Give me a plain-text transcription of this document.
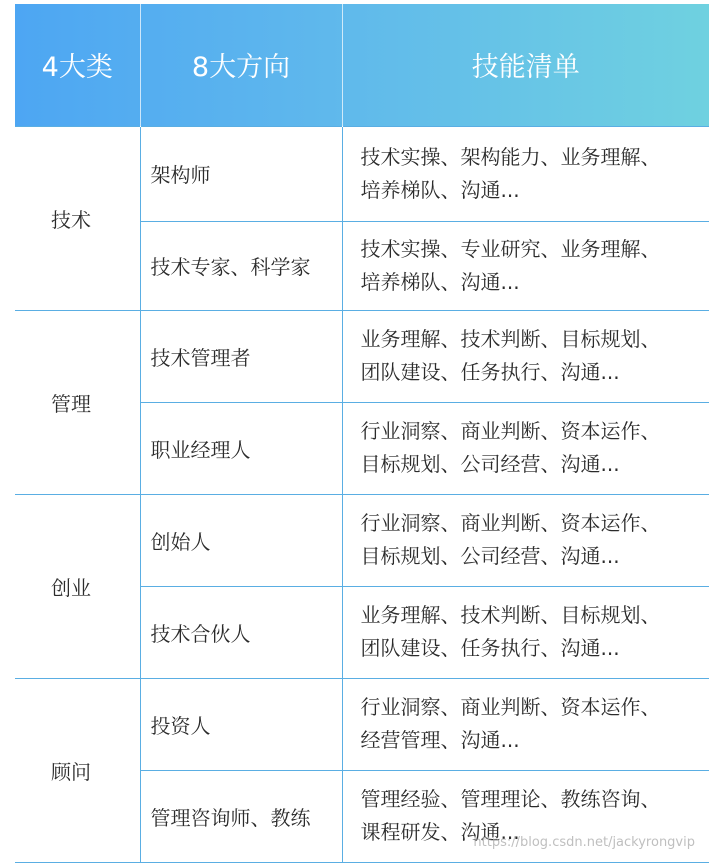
4大类	8大方向	技能清单
技术	架构师	技术实操、架构能力、业务理解、
培养梯队、沟通...

	技术专家、科学家	技术实操、专业研究、业务理解、
培养梯队、沟通...

管理	技术管理者	业务理解、技术判断、目标规划、
团队建设、任务执行、沟通...

	职业经理人	行业洞察、商业判断、资本运作、
目标规划、公司经营、沟通...

创业	创始人	行业洞察、商业判断、资本运作、
目标规划、公司经营、沟通...

	技术合伙人	业务理解、技术判断、目标规划、
团队建设、任务执行、沟通...

顾问	投资人	行业洞察、商业判断、资本运作、
经营管理、沟通...

	管理咨询师、教练	管理经验、管理理论、教练咨询、
课程研发、沟通...
https://blog.csdn.net/jackyrongvip
